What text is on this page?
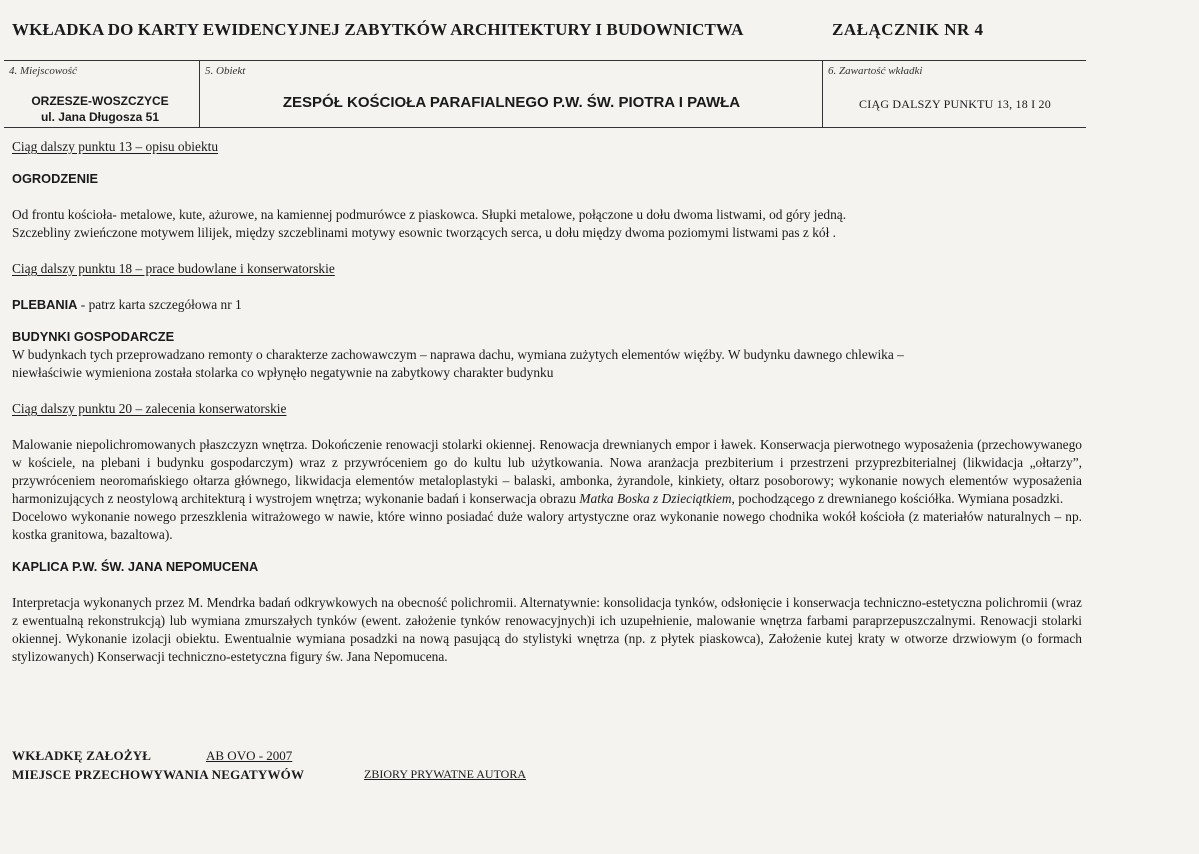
WKŁADKA DO KARTY EWIDENCYJNEJ ZABYTKÓW ARCHITEKTURY I BUDOWNICTWA	ZAŁĄCZNIK NR 4
4. Miejscowość
ORZESZE-WOSZCZYCE
ul. Jana Długosza 51
5. Obiekt
ZESPÓŁ KOŚCIOŁA PARAFIALNEGO P.W. ŚW. PIOTRA I PAWŁA
6. Zawartość wkładki
CIĄG DALSZY PUNKTU 13, 18 I 20

Ciąg dalszy punktu 13 – opisu obiektu

OGRODZENIE

Od frontu kościoła- metalowe, kute, ażurowe, na kamiennej podmurówce z piaskowca. Słupki metalowe, połączone u dołu dwoma listwami, od góry jedną.

Szczebliny zwieńczone motywem lilijek, między szczeblinami motywy esownic tworzących serca, u dołu między dwoma poziomymi listwami pas z kół .

Ciąg dalszy punktu 18 – prace budowlane i konserwatorskie

PLEBANIA - patrz karta szczegółowa nr 1

BUDYNKI GOSPODARCZE

W budynkach tych przeprowadzano remonty o charakterze zachowawczym – naprawa dachu, wymiana zużytych elementów więźby. W budynku dawnego chlewika –

niewłaściwie wymieniona została stolarka co wpłynęło negatywnie na zabytkowy charakter budynku

Ciąg dalszy punktu 20 – zalecenia konserwatorskie

Malowanie niepolichromowanych płaszczyzn wnętrza. Dokończenie renowacji stolarki okiennej. Renowacja drewnianych empor i ławek. Konserwacja pierwotnego wyposażenia (przechowywanego w kościele, na plebani i budynku gospodarczym) wraz z przywróceniem go do kultu lub użytkowania. Nowa aranżacja prezbiterium i przestrzeni przyprezbiterialnej (likwidacja „ołtarzy”, przywróceniem neoromańskiego ołtarza głównego, likwidacja elementów metaloplastyki – balaski, ambonka, żyrandole, kinkiety, ołtarz posoborowy; wykonanie nowych elementów wyposażenia harmonizujących z neostylową architekturą i wystrojem wnętrza; wykonanie badań i konserwacja obrazu Matka Boska z Dzieciątkiem, pochodzącego z drewnianego kościółka. Wymiana posadzki.

Docelowo wykonanie nowego przeszklenia witrażowego w nawie, które winno posiadać duże walory artystyczne oraz wykonanie nowego chodnika wokół kościoła (z materiałów naturalnych – np. kostka granitowa, bazaltowa).

KAPLICA P.W. ŚW. JANA NEPOMUCENA

Interpretacja wykonanych przez M. Mendrka badań odkrywkowych na obecność polichromii. Alternatywnie: konsolidacja tynków, odsłonięcie i konserwacja techniczno-estetyczna polichromii (wraz z ewentualną rekonstrukcją) lub wymiana zmurszałych tynków (ewent. założenie tynków renowacyjnych)i ich uzupełnienie, malowanie wnętrza farbami paraprzepuszczalnymi. Renowacji stolarki okiennej. Wykonanie izolacji obiektu. Ewentualnie wymiana posadzki na nową pasującą do stylistyki wnętrza (np. z płytek piaskowca), Założenie kutej kraty w otworze drzwiowym (o formach stylizowanych) Konserwacji techniczno-estetyczna figury św. Jana Nepomucena.

WKŁADKĘ ZAŁOŻYŁ	AB OVO - 2007
MIEJSCE PRZECHOWYWANIA NEGATYWÓW	ZBIORY PRYWATNE AUTORA
